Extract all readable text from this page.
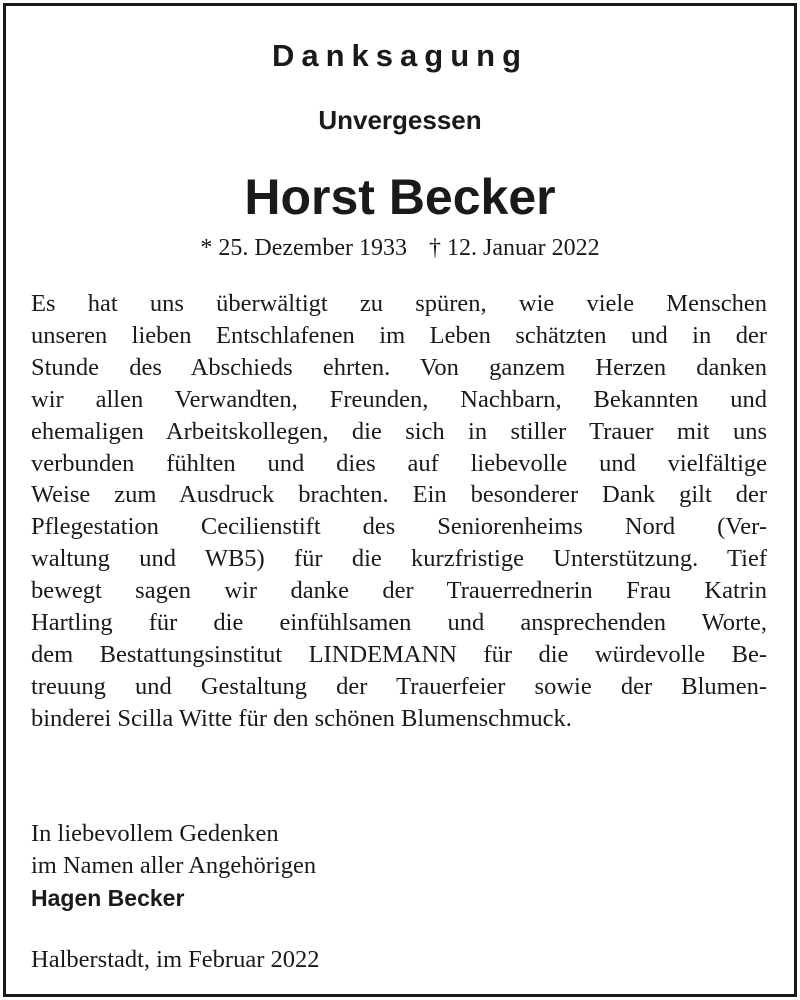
Danksagung
Unvergessen
Horst Becker
* 25. Dezember 1933 † 12. Januar 2022
Es hat uns überwältigt zu spüren, wie viele Menschen
unseren lieben Entschlafenen im Leben schätzten und in der
Stunde des Abschieds ehrten. Von ganzem Herzen danken
wir allen Verwandten, Freunden, Nachbarn, Bekannten und
ehemaligen Arbeitskollegen, die sich in stiller Trauer mit uns
verbunden fühlten und dies auf liebevolle und vielfältige
Weise zum Ausdruck brachten. Ein besonderer Dank gilt der
Pflegestation Cecilienstift des Seniorenheims Nord (Ver-
waltung und WB5) für die kurzfristige Unterstützung. Tief
bewegt sagen wir danke der Trauerrednerin Frau Katrin
Hartling für die einfühlsamen und ansprechenden Worte,
dem Bestattungsinstitut LINDEMANN für die würdevolle Be-
treuung und Gestaltung der Trauerfeier sowie der Blumen-
binderei Scilla Witte für den schönen Blumenschmuck.
In liebevollem Gedenken
im Namen aller Angehörigen
Hagen Becker
Halberstadt, im Februar 2022
